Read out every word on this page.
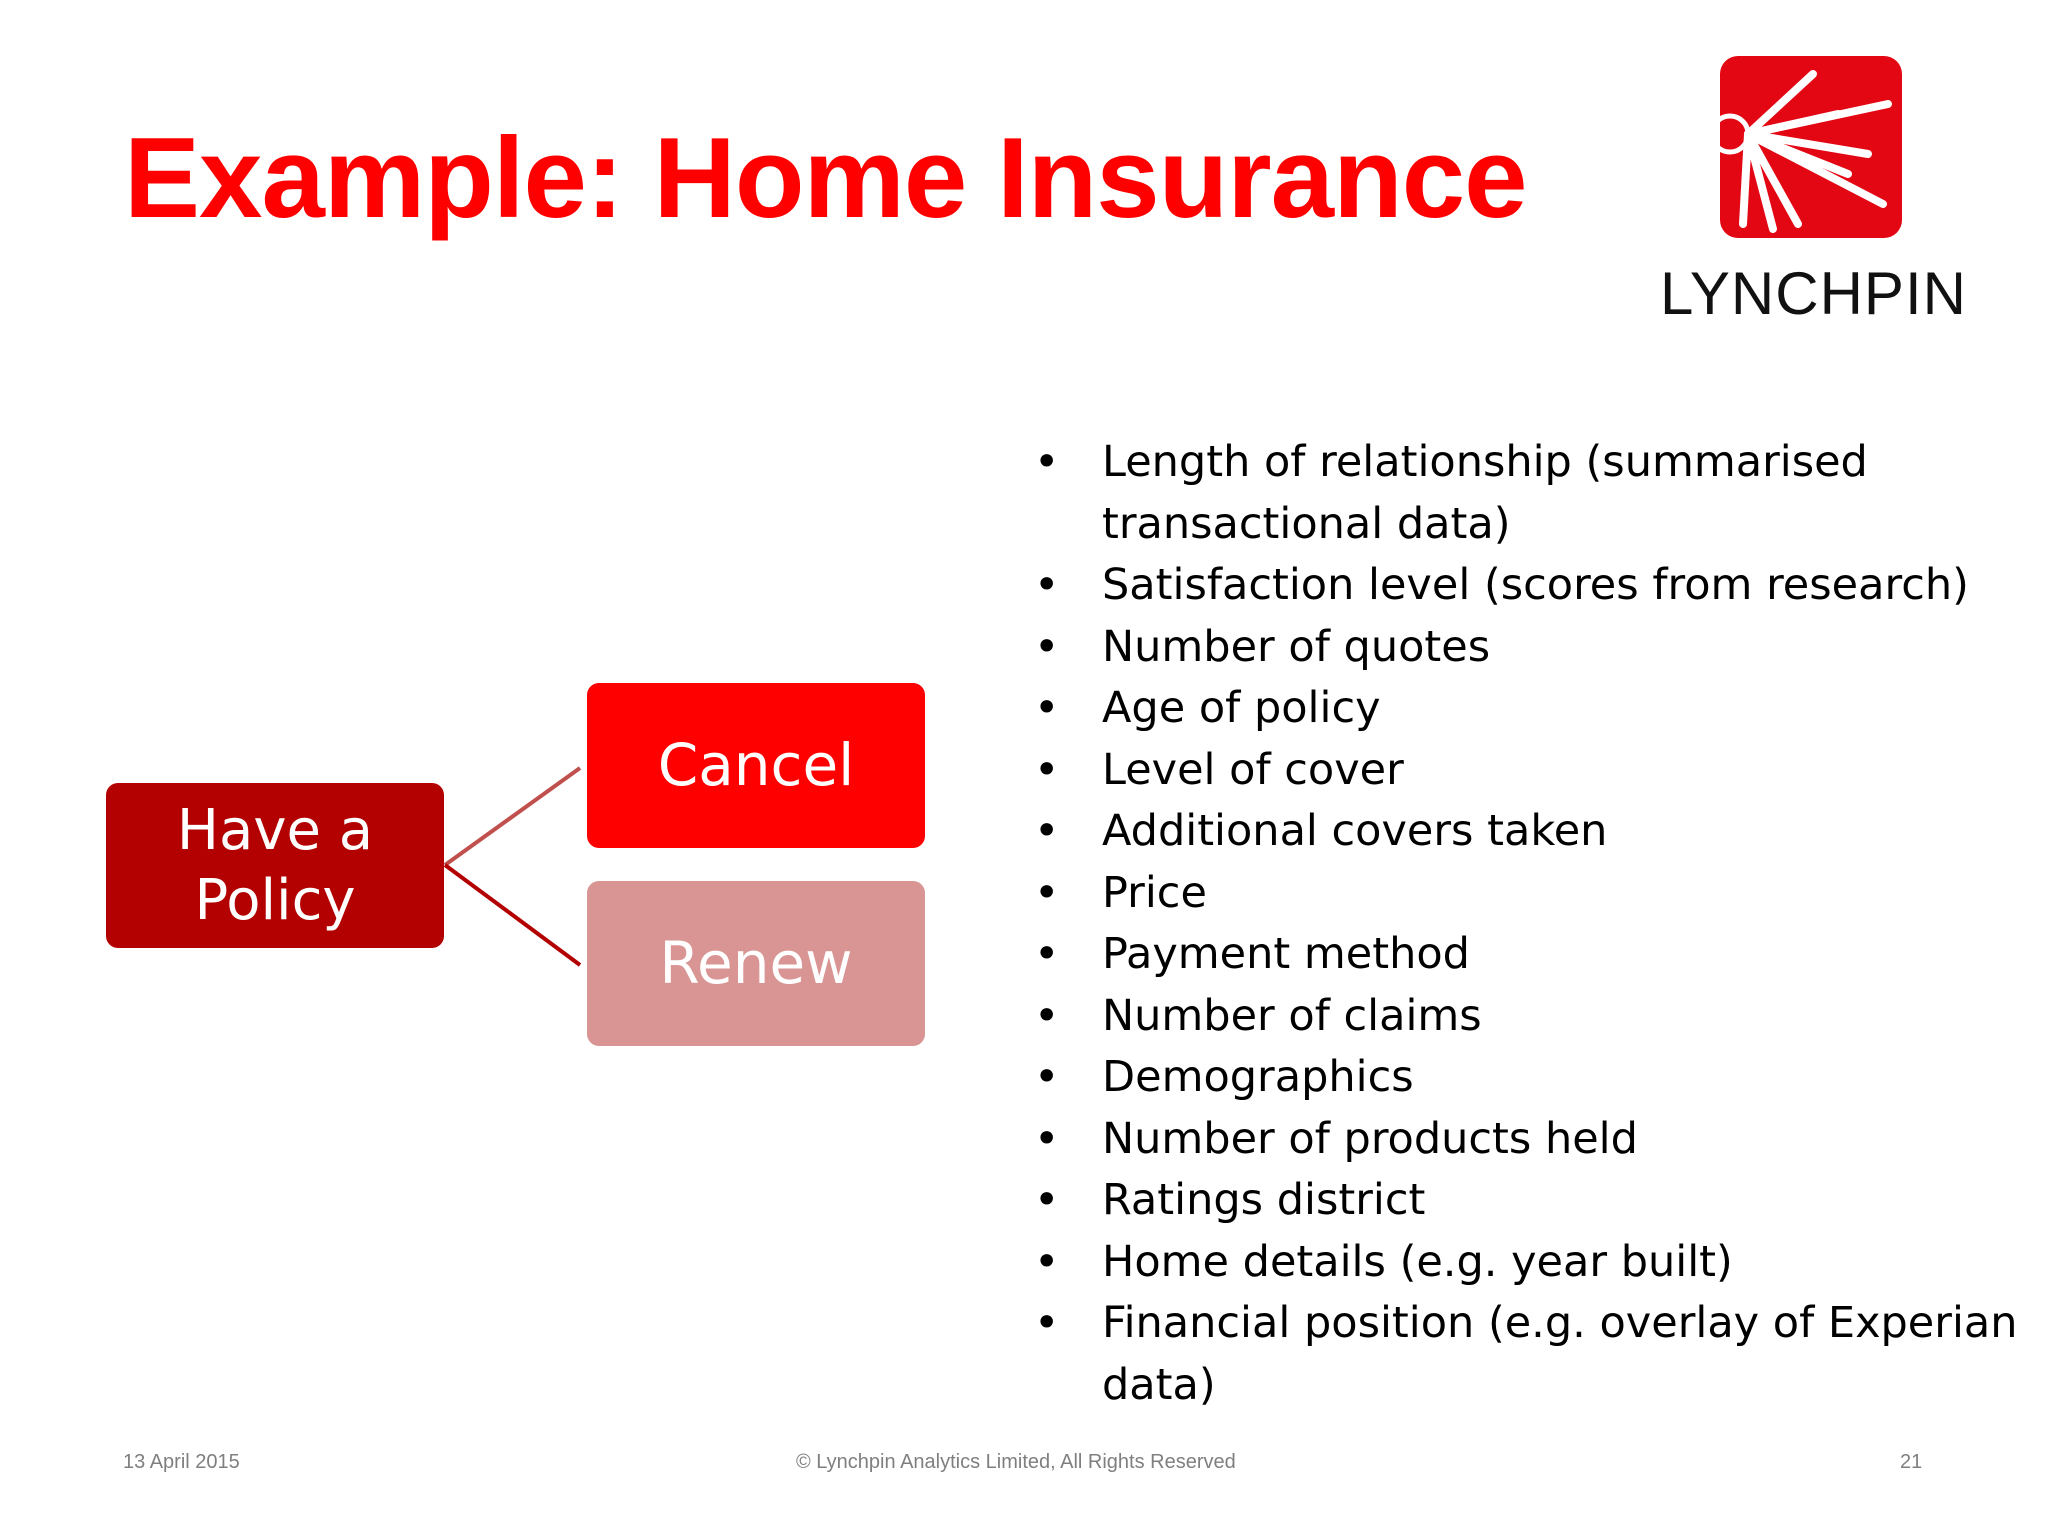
Example: Home Insurance
LYNCHPIN
Have a Policy
Cancel
Renew
• Length of relationship (summarised transactional data)
• Satisfaction level (scores from research)
• Number of quotes
• Age of policy
• Level of cover
• Additional covers taken
• Price
• Payment method
• Number of claims
• Demographics
• Number of products held
• Ratings district
• Home details (e.g. year built)
• Financial position (e.g. overlay of Experian data)
13 April 2015	© Lynchpin Analytics Limited, All Rights Reserved	21
